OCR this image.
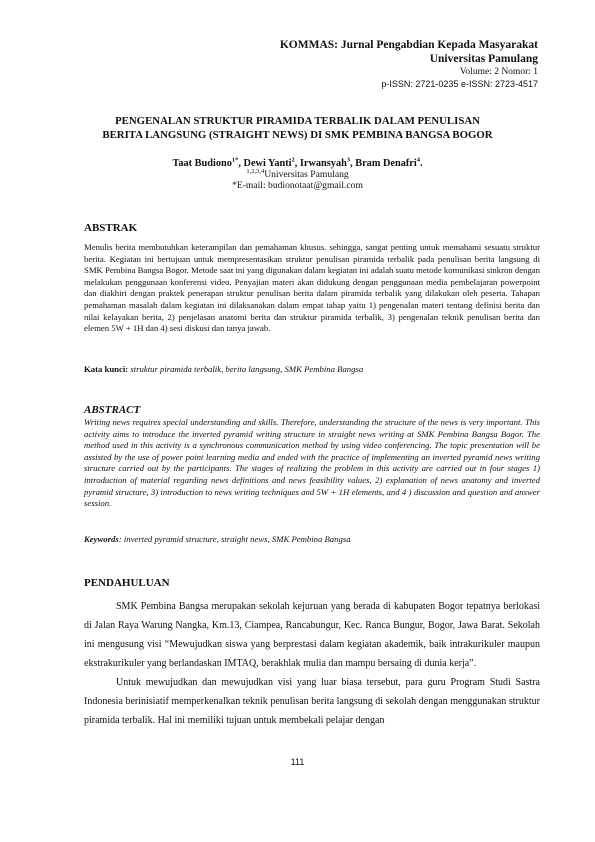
KOMMAS: Jurnal Pengabdian Kepada Masyarakat
Universitas Pamulang
Volume: 2 Nomor: 1
p-ISSN: 2721-0235 e-ISSN: 2723-4517
PENGENALAN STRUKTUR PIRAMIDA TERBALIK DALAM PENULISAN
BERITA LANGSUNG (STRAIGHT NEWS) DI SMK PEMBINA BANGSA BOGOR
Taat Budiono$^{1*}$, Dewi Yanti$^2$, Irwansyah$^3$, Bram Denafri$^4$.
$^{1,2,3,4}$Universitas Pamulang
*E-mail: budionotaat@gmail.com
ABSTRAK
Menulis berita membutuhkan keterampilan dan pemahaman khusus. sehingga, sangat penting untuk memahami sesuatu struktur berita. Kegiatan ini bertujuan untuk mempresentasikan struktur penulisan piramida terbalik pada penulisan berita langsung di SMK Pembina Bangsa Bogor. Metode saat ini yang digunakan dalam kegiatan ini adalah suatu metode komunikasi sinkron dengan melakukan penggunaan konferensi video. Penyajian materi akan didukung dengan penggunaan media pembelajaran powerpoint dan diakhiri dengan praktek penerapan struktur penulisan berita dalam piramida terbalik yang dilakukan oleh peserta. Tahapan pemahaman masalah dalam kegiatan ini dilaksanakan dalam empat tahap yaitu 1) pengenalan materi tentang definisi berita dan nilai kelayakan berita, 2) penjelasan anatomi berita dan struktur piramida terbalik, 3) pengenalan teknik penulisan berita dan elemen 5W + 1H dan 4) sesi diskusi dan tanya jawab.
Kata kunci: struktur piramida terbalik, berita langsung, SMK Pembina Bangsa
ABSTRACT
Writing news requires special understanding and skills. Therefore, understanding the structure of the news is very important. This activity aims to introduce the inverted pyramid writing structure in straight news writing at SMK Pembina Bangsa Bogor. The method used in this activity is a synchronous communication method by using video conferencing. The topic presentation will be assisted by the use of power point learning media and ended with the practice of implementing an inverted pyramid news writing structure carried out by the participants. The stages of realizing the problem in this activity are carried out in four stages 1) introduction of material regarding news definitions and news feasibility values, 2) explanation of news anatomy and inverted pyramid structure, 3) introduction to news writing techniques and 5W + 1H elements, and 4 ) discussion and question and answer session.
Keywords: inverted pyramid structure, straight news, SMK Pembina Bangsa
PENDAHULUAN

SMK Pembina Bangsa merupakan sekolah kejuruan yang berada di kabupaten Bogor tepatnya berlokasi di Jalan Raya Warung Nangka, Km.13, Ciampea, Rancabungur, Kec. Ranca Bungur, Bogor, Jawa Barat. Sekolah ini mengusung visi “Mewujudkan siswa yang berprestasi dalam kegiatan akademik, baik intrakurikuler maupun ekstrakurikuler yang berlandaskan IMTAQ, berakhlak mulia dan mampu bersaing di dunia kerja”.

Untuk mewujudkan dan mewujudkan visi yang luar biasa tersebut, para guru Program Studi Sastra Indonesia berinisiatif memperkenalkan teknik penulisan berita langsung di sekolah dengan menggunakan struktur piramida terbalik. Hal ini memiliki tujuan untuk membekali pelajar dengan

111
